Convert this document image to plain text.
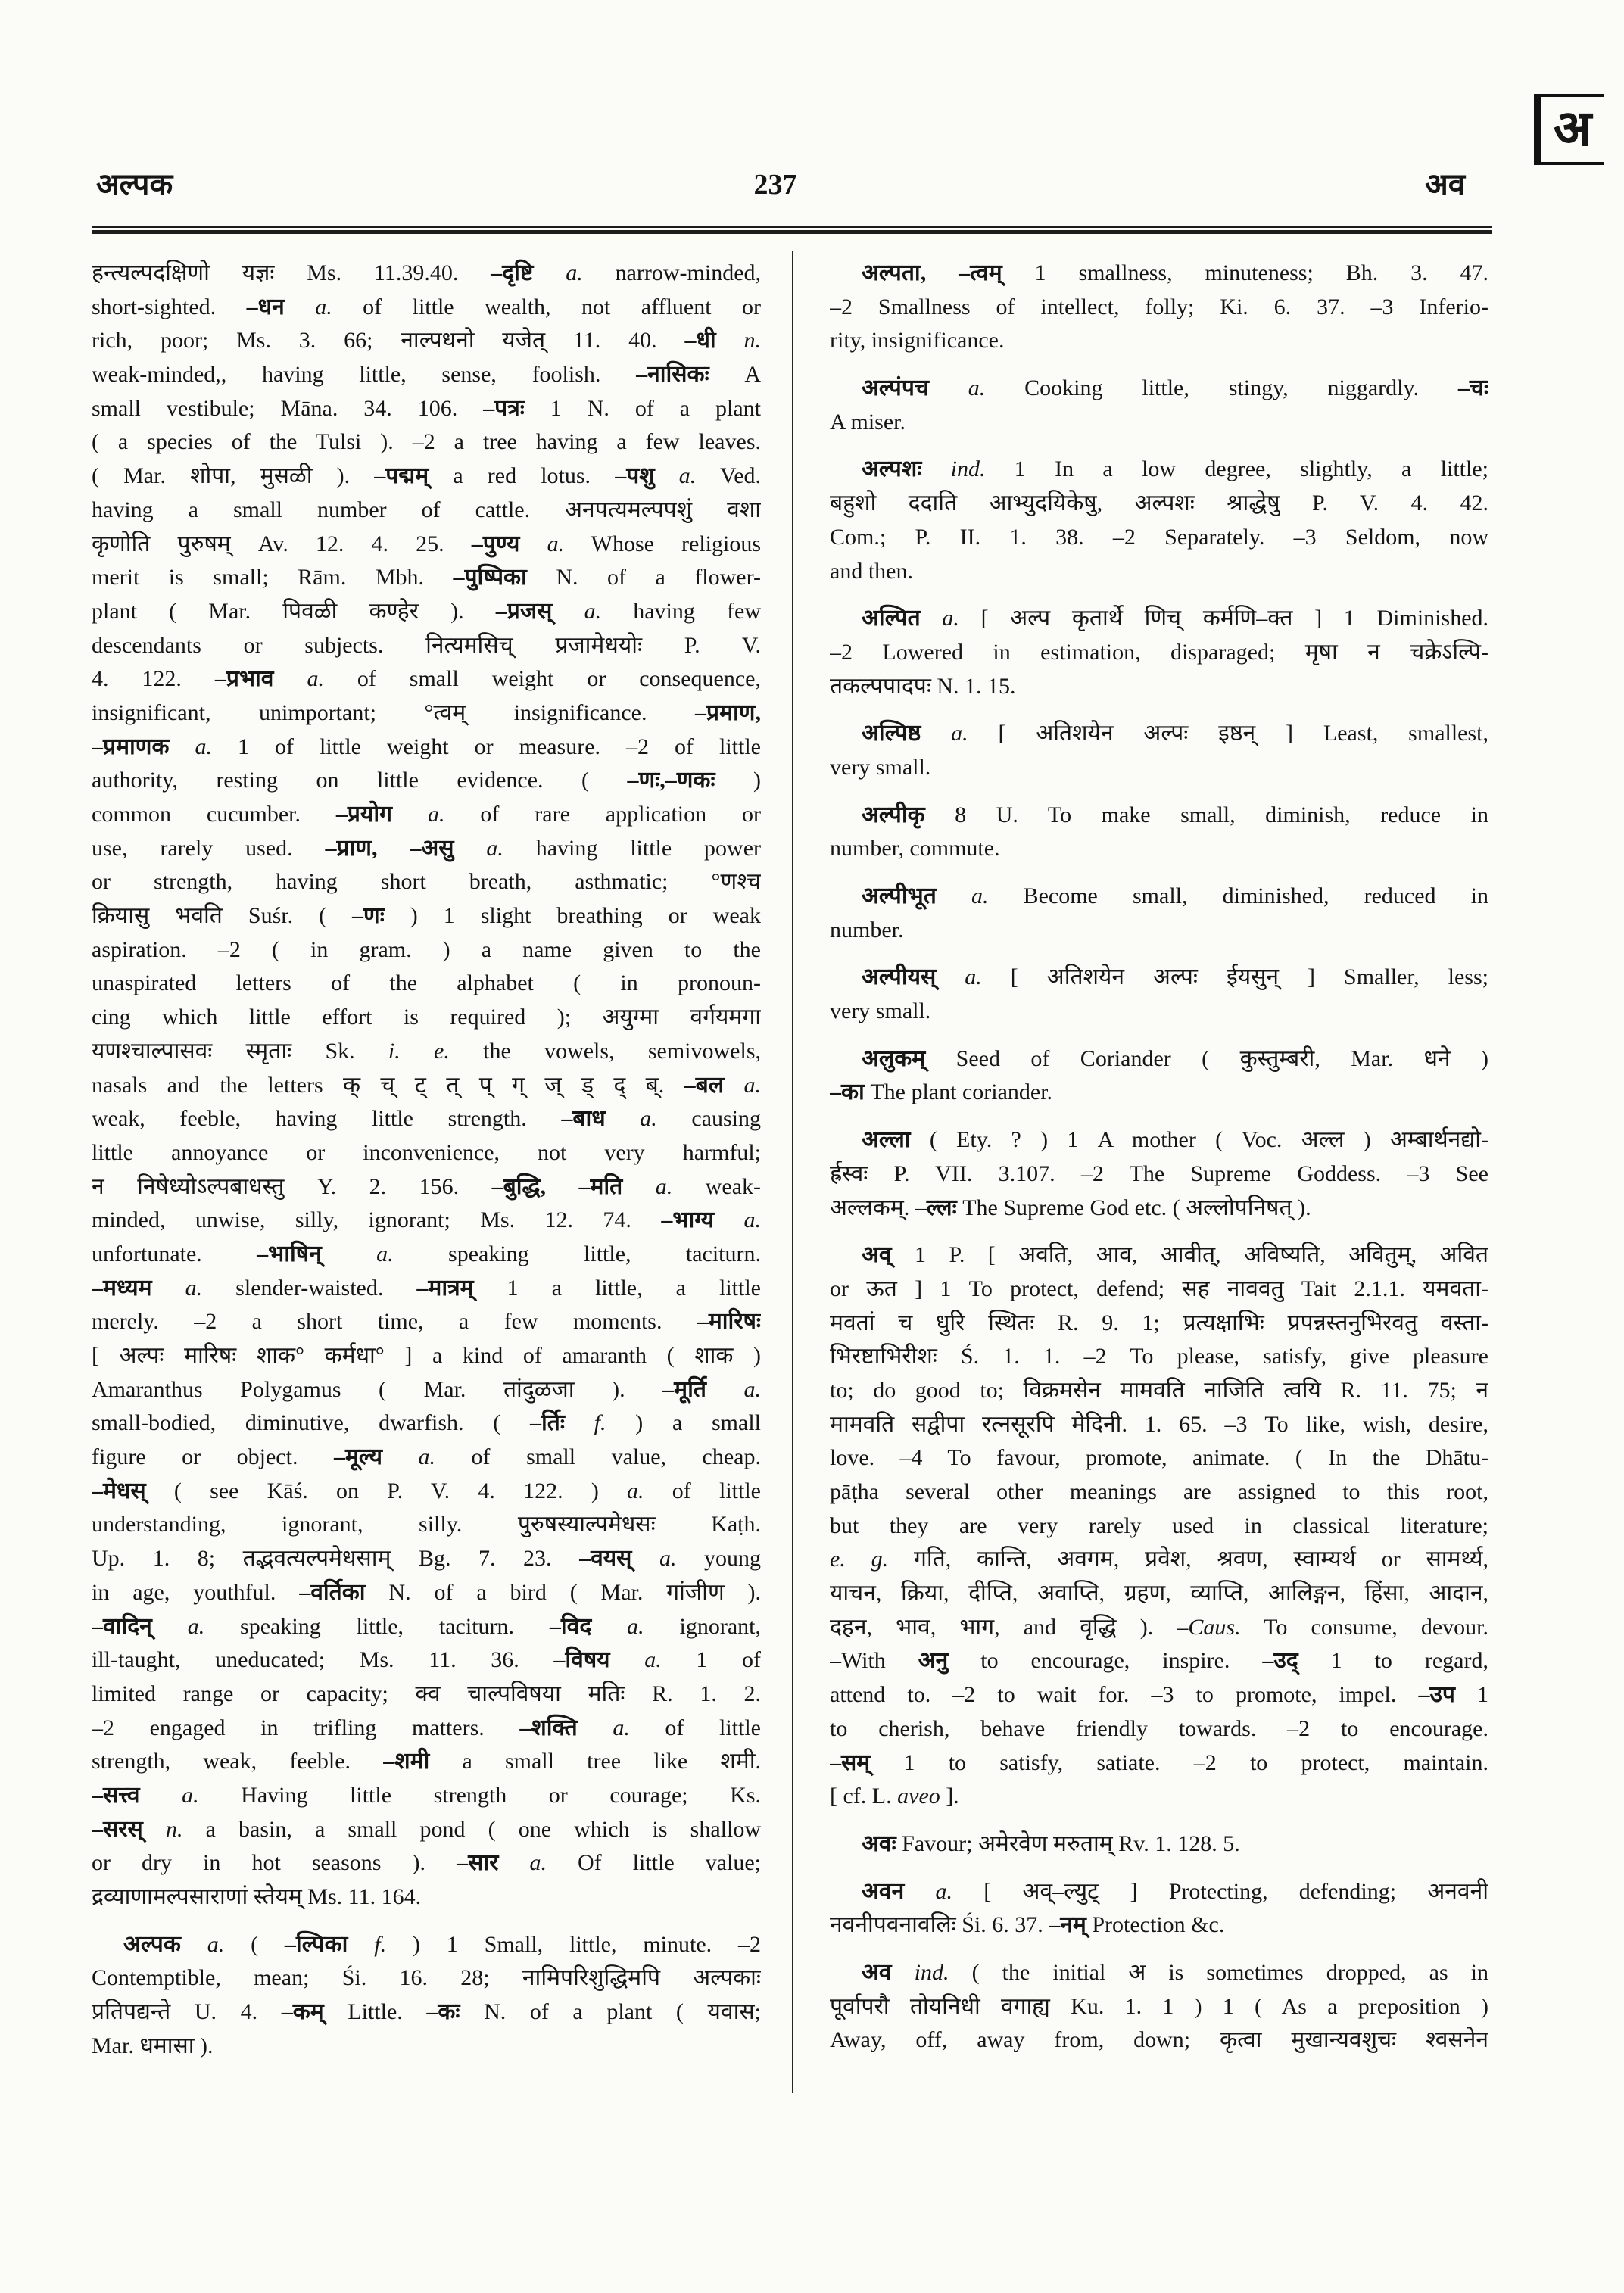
अ
अल्पक	237	अव
हन्त्यल्पदक्षिणो यज्ञः Ms. 11.39.40. –दृष्टि a. narrow-minded,
short-sighted. –धन a. of little wealth, not affluent or
rich, poor; Ms. 3. 66; नाल्पधनो यजेत् 11. 40. –धी n.
weak-minded,, having little, sense, foolish. –नासिकः A
small vestibule; Māna. 34. 106. –पत्रः 1 N. of a plant
( a species of the Tulsi ). –2 a tree having a few leaves.
( Mar. शोपा, मुसळी ). –पद्मम् a red lotus. –पशु a. Ved.
having a small number of cattle. अनपत्यमल्पपशुं वशा
कृणोति पुरुषम् Av. 12. 4. 25. –पुण्य a. Whose religious
merit is small; Rām. Mbh. –पुष्पिका N. of a flower-
plant ( Mar. पिवळी कण्हेर ). –प्रजस् a. having few
descendants or subjects. नित्यमसिच् प्रजामेधयोः P. V.
4. 122. –प्रभाव a. of small weight or consequence,
insignificant, unimportant; °त्वम् insignificance. –प्रमाण,
–प्रमाणक a. 1 of little weight or measure. –2 of little
authority, resting on little evidence. ( –णः,–णकः )
common cucumber. –प्रयोग a. of rare application or
use, rarely used. –प्राण, –असु a. having little power
or strength, having short breath, asthmatic; °णश्च
क्रियासु भवति Suśr. ( –णः ) 1 slight breathing or weak
aspiration. –2 ( in gram. ) a name given to the
unaspirated letters of the alphabet ( in pronoun-
cing which little effort is required ); अयुग्मा वर्गयमगा
यणश्चाल्पासवः स्मृताः Sk. i. e. the vowels, semivowels,
nasals and the letters क् च् ट् त् प् ग् ज् ड् द् ब्. –बल a.
weak, feeble, having little strength. –बाध a. causing
little annoyance or inconvenience, not very harmful;
न निषेध्योऽल्पबाधस्तु Y. 2. 156. –बुद्धि, –मति a. weak-
minded, unwise, silly, ignorant; Ms. 12. 74. –भाग्य a.
unfortunate. –भाषिन् a. speaking little, taciturn.
–मध्यम a. slender-waisted. –मात्रम् 1 a little, a little
merely. –2 a short time, a few moments. –मारिषः
[ अल्पः मारिषः शाक° कर्मधा° ] a kind of amaranth ( शाक )
Amaranthus Polygamus ( Mar. तांदुळजा ). –मूर्ति a.
small-bodied, diminutive, dwarfish. ( –र्तिः f. ) a small
figure or object. –मूल्य a. of small value, cheap.
–मेधस् ( see Kāś. on P. V. 4. 122. ) a. of little
understanding, ignorant, silly. पुरुषस्याल्पमेधसः Kaṭh.
Up. 1. 8; तद्भवत्यल्पमेधसाम् Bg. 7. 23. –वयस् a. young
in age, youthful. –वर्तिका N. of a bird ( Mar. गांजीण ).
–वादिन् a. speaking little, taciturn. –विद a. ignorant,
ill-taught, uneducated; Ms. 11. 36. –विषय a. 1 of
limited range or capacity; क्व चाल्पविषया मतिः R. 1. 2.
–2 engaged in trifling matters. –शक्ति a. of little
strength, weak, feeble. –शमी a small tree like शमी.
–सत्त्व a. Having little strength or courage; Ks.
–सरस् n. a basin, a small pond ( one which is shallow
or dry in hot seasons ). –सार a. Of little value;
द्रव्याणामल्पसाराणां स्तेयम् Ms. 11. 164.
अल्पक a. ( –ल्पिका f. ) 1 Small, little, minute. –2
Contemptible, mean; Śi. 16. 28; नामिपरिशुद्धिमपि अल्पकाः
प्रतिपद्यन्ते U. 4. –कम् Little. –कः N. of a plant ( यवास;
Mar. धमासा ).
अल्पता, –त्वम् 1 smallness, minuteness; Bh. 3. 47.
–2 Smallness of intellect, folly; Ki. 6. 37. –3 Inferio-
rity, insignificance.
अल्पंपच a. Cooking little, stingy, niggardly. –चः
A miser.
अल्पशः ind. 1 In a low degree, slightly, a little;
बहुशो ददाति आभ्युदयिकेषु, अल्पशः श्राद्धेषु P. V. 4. 42.
Com.; P. II. 1. 38. –2 Separately. –3 Seldom, now
and then.
अल्पित a. [ अल्प कृतार्थे णिच् कर्मणि–क्त ] 1 Diminished.
–2 Lowered in estimation, disparaged; मृषा न चक्रेऽल्पि-
तकल्पपादपः N. 1. 15.
अल्पिष्ठ a. [ अतिशयेन अल्पः इष्ठन् ] Least, smallest,
very small.
अल्पीकृ 8 U. To make small, diminish, reduce in
number, commute.
अल्पीभूत a. Become small, diminished, reduced in
number.
अल्पीयस् a. [ अतिशयेन अल्पः ईयसुन् ] Smaller, less;
very small.
अलुकम् Seed of Coriander ( कुस्तुम्बरी, Mar. धने )
–का The plant coriander.
अल्ला ( Ety. ? ) 1 A mother ( Voc. अल्ल ) अम्बार्थनद्यो-
र्ह्रस्वः P. VII. 3.107. –2 The Supreme Goddess. –3 See
अल्लकम्. –ल्लः The Supreme God etc. ( अल्लोपनिषत् ).
अव् 1 P. [ अवति, आव, आवीत्, अविष्यति, अवितुम्, अवित
or ऊत ] 1 To protect, defend; सह नाववतु Tait 2.1.1. यमवता-
मवतां च धुरि स्थितः R. 9. 1; प्रत्यक्षाभिः प्रपन्नस्तनुभिरवतु वस्ता-
भिरष्टाभिरीशः Ś. 1. 1. –2 To please, satisfy, give pleasure
to; do good to; विक्रमसेन मामवति नाजिति त्वयि R. 11. 75; न
मामवति सद्वीपा रत्नसूरपि मेदिनी. 1. 65. –3 To like, wish, desire,
love. –4 To favour, promote, animate. ( In the Dhātu-
pāṭha several other meanings are assigned to this root,
but they are very rarely used in classical literature;
e. g. गति, कान्ति, अवगम, प्रवेश, श्रवण, स्वाम्यर्थ or सामर्थ्य,
याचन, क्रिया, दीप्ति, अवाप्ति, ग्रहण, व्याप्ति, आलिङ्गन, हिंसा, आदान,
दहन, भाव, भाग, and वृद्धि ). –Caus. To consume, devour.
–With अनु to encourage, inspire. –उद् 1 to regard,
attend to. –2 to wait for. –3 to promote, impel. –उप 1
to cherish, behave friendly towards. –2 to encourage.
–सम् 1 to satisfy, satiate. –2 to protect, maintain.
[ cf. L. aveo ].
अवः Favour; अमेरवेण मरुताम् Rv. 1. 128. 5.
अवन a. [ अव्–ल्युट् ] Protecting, defending; अनवनी
नवनीपवनावलिः Śi. 6. 37. –नम् Protection &c.
अव ind. ( the initial अ is sometimes dropped, as in
पूर्वापरौ तोयनिधी वगाह्य Ku. 1. 1 ) 1 ( As a preposition )
Away, off, away from, down; कृत्वा मुखान्यवशुचः श्वसनेन
